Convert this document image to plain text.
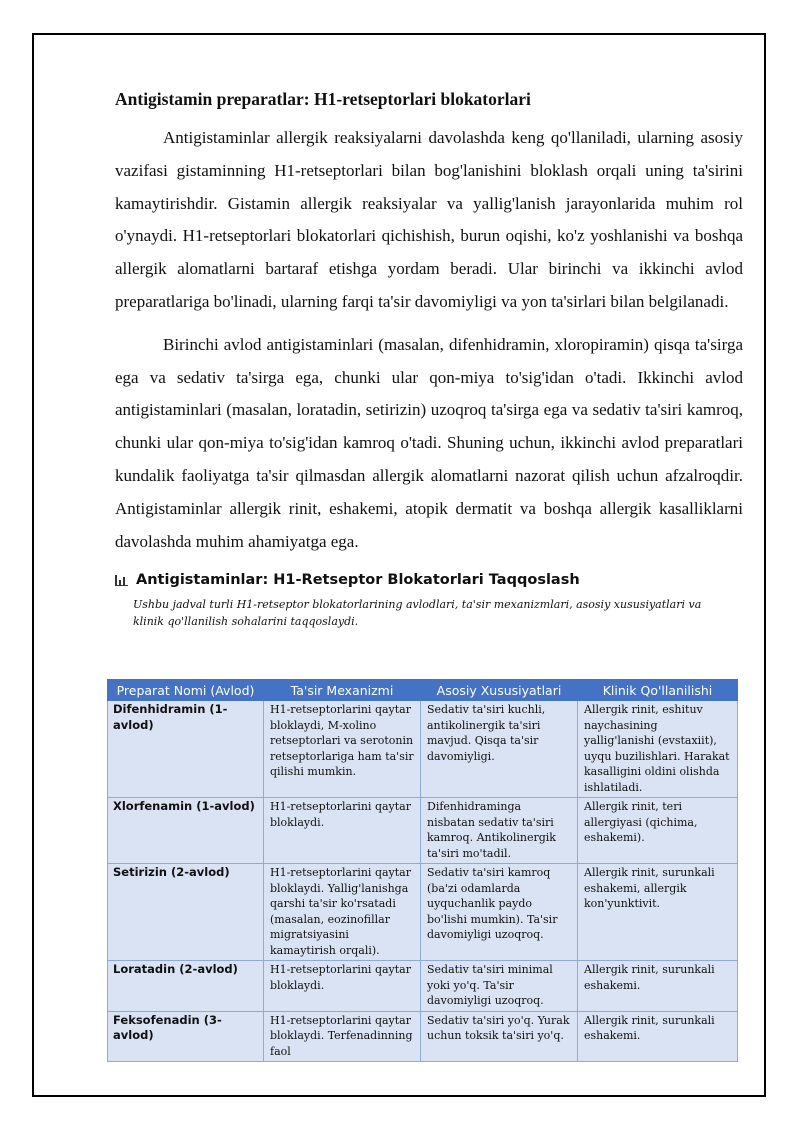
Antigistamin preparatlar: H1-retseptorlari blokatorlari

Antigistaminlar allergik reaksiyalarni davolashda keng qo'llaniladi, ularning asosiy vazifasi gistaminning H1-retseptorlari bilan bog'lanishini bloklash orqali uning ta'sirini kamaytirishdir. Gistamin allergik reaksiyalar va yallig'lanish jarayonlarida muhim rol o'ynaydi. H1-retseptorlari blokatorlari qichishish, burun oqishi, ko'z yoshlanishi va boshqa allergik alomatlarni bartaraf etishga yordam beradi. Ular birinchi va ikkinchi avlod preparatlariga bo'linadi, ularning farqi ta'sir davomiyligi va yon ta'sirlari bilan belgilanadi.

Birinchi avlod antigistaminlari (masalan, difenhidramin, xloropiramin) qisqa ta'sirga ega va sedativ ta'sirga ega, chunki ular qon-miya to'sig'idan o'tadi. Ikkinchi avlod antigistaminlari (masalan, loratadin, setirizin) uzoqroq ta'sirga ega va sedativ ta'siri kamroq, chunki ular qon-miya to'sig'idan kamroq o'tadi. Shuning uchun, ikkinchi avlod preparatlari kundalik faoliyatga ta'sir qilmasdan allergik alomatlarni nazorat qilish uchun afzalroqdir. Antigistaminlar allergik rinit, eshakemi, atopik dermatit va boshqa allergik kasalliklarni davolashda muhim ahamiyatga ega.

Antigistaminlar: H1-Retseptor Blokatorlari Taqqoslash
Ushbu jadval turli H1-retseptor blokatorlarining avlodlari, ta'sir mexanizmlari, asosiy xususiyatlari va klinik qo'llanilish sohalarini taqqoslaydi.
Preparat Nomi (Avlod)	Ta'sir Mexanizmi	Asosiy Xususiyatlari	Klinik Qo'llanilishi
Difenhidramin (1-avlod)	H1-retseptorlarini qaytar bloklaydi, M-xolino retseptorlari va serotonin retseptorlariga ham ta'sir qilishi mumkin.	Sedativ ta'siri kuchli, antikolinergik ta'siri mavjud. Qisqa ta'sir davomiyligi.	Allergik rinit, eshituv naychasining yallig'lanishi (evstaxiit), uyqu buzilishlari. Harakat kasalligini oldini olishda ishlatiladi.
Xlorfenamin (1-avlod)	H1-retseptorlarini qaytar bloklaydi.	Difenhidraminga nisbatan sedativ ta'siri kamroq. Antikolinergik ta'siri mo'tadil.	Allergik rinit, teri allergiyasi (qichima, eshakemi).
Setirizin (2-avlod)	H1-retseptorlarini qaytar bloklaydi. Yallig'lanishga qarshi ta'sir ko'rsatadi (masalan, eozinofillar migratsiyasini kamaytirish orqali).	Sedativ ta'siri kamroq (ba'zi odamlarda uyquchanlik paydo bo'lishi mumkin). Ta'sir davomiyligi uzoqroq.	Allergik rinit, surunkali eshakemi, allergik kon'yunktivit.
Loratadin (2-avlod)	H1-retseptorlarini qaytar bloklaydi.	Sedativ ta'siri minimal yoki yo'q. Ta'sir davomiyligi uzoqroq.	Allergik rinit, surunkali eshakemi.
Feksofenadin (3-avlod)	H1-retseptorlarini qaytar bloklaydi. Terfenadinning faol	Sedativ ta'siri yo'q. Yurak uchun toksik ta'siri yo'q.	Allergik rinit, surunkali eshakemi.
